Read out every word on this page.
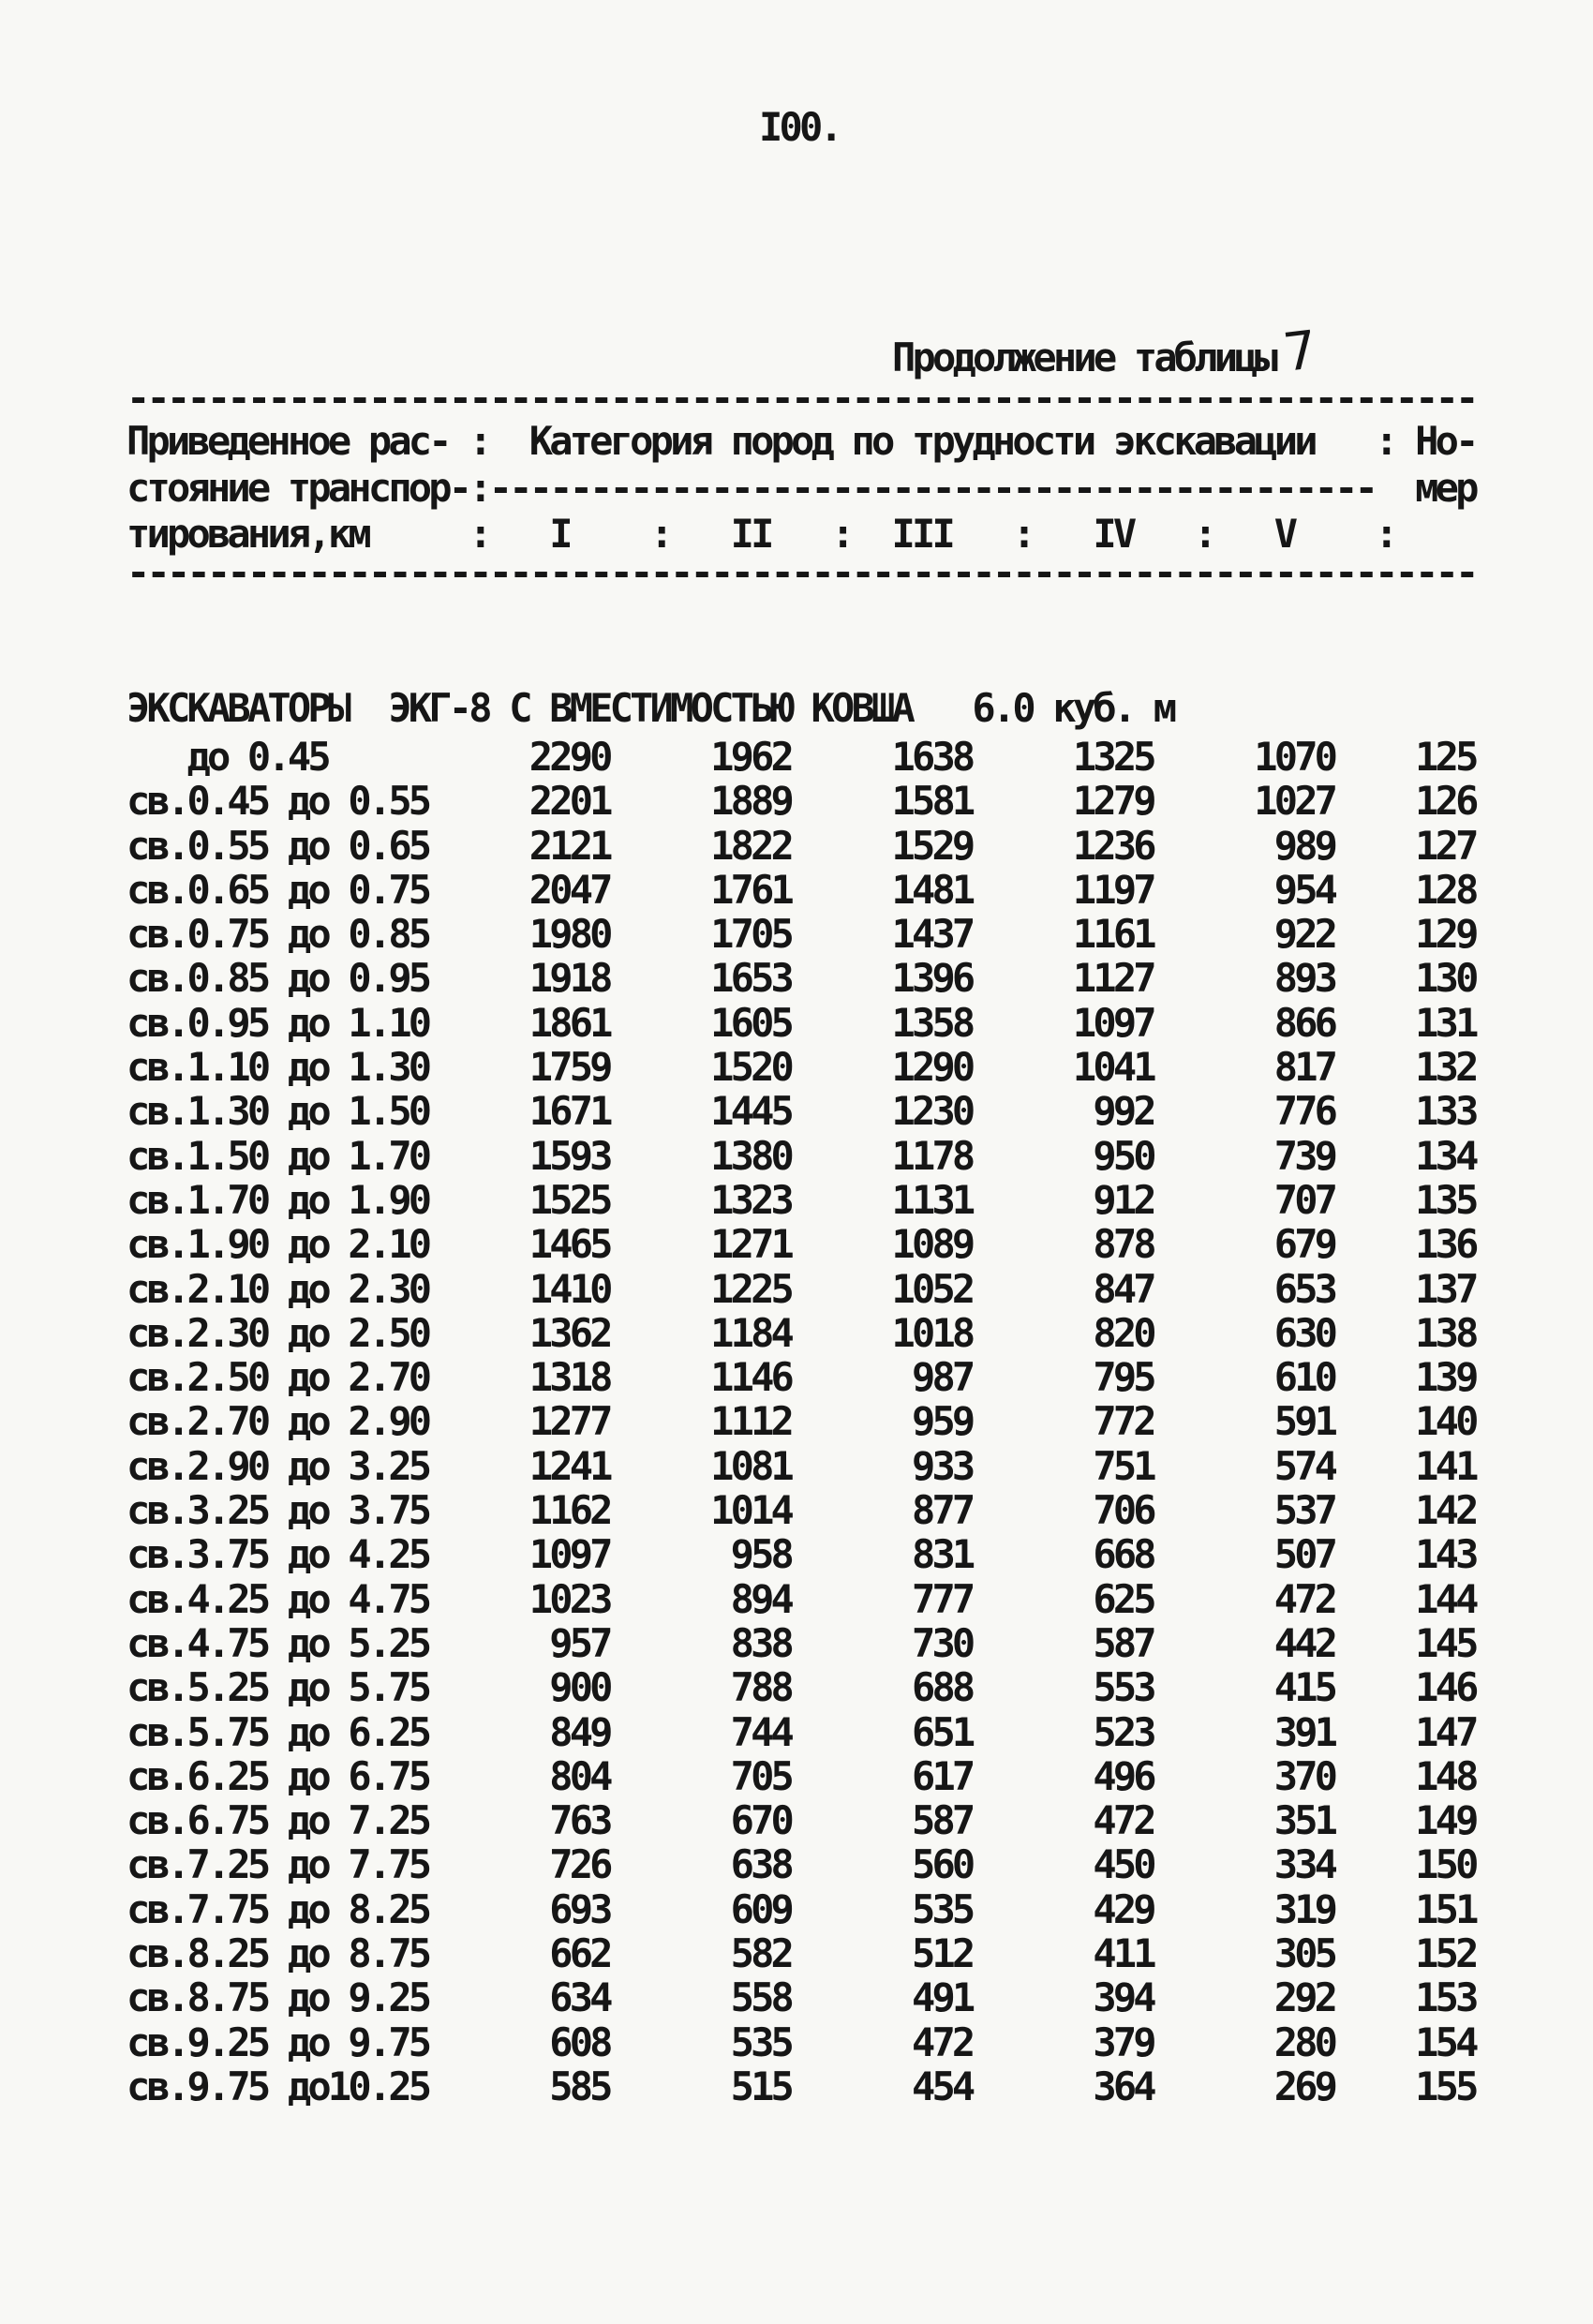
I00.
Продолжение таблицы 7
-------------------------------------------------------------------
Приведенное рас- :  Категория пород по трудности экскавации   : Но-
стояние транспор-:--------------------------------------------  мер
тирования,км     :   I    :   II   :  III   :   IV   :   V    :
-------------------------------------------------------------------
ЭКСКАВАТОРЫ  ЭКГ-8 С ВМЕСТИМОСТЬЮ КОВША   6.0 куб. м
до 0.45          2290     1962     1638     1325     1070    125
св.0.45 до 0.55     2201     1889     1581     1279     1027    126
св.0.55 до 0.65     2121     1822     1529     1236      989    127
св.0.65 до 0.75     2047     1761     1481     1197      954    128
св.0.75 до 0.85     1980     1705     1437     1161      922    129
св.0.85 до 0.95     1918     1653     1396     1127      893    130
св.0.95 до 1.10     1861     1605     1358     1097      866    131
св.1.10 до 1.30     1759     1520     1290     1041      817    132
св.1.30 до 1.50     1671     1445     1230      992      776    133
св.1.50 до 1.70     1593     1380     1178      950      739    134
св.1.70 до 1.90     1525     1323     1131      912      707    135
св.1.90 до 2.10     1465     1271     1089      878      679    136
св.2.10 до 2.30     1410     1225     1052      847      653    137
св.2.30 до 2.50     1362     1184     1018      820      630    138
св.2.50 до 2.70     1318     1146      987      795      610    139
св.2.70 до 2.90     1277     1112      959      772      591    140
св.2.90 до 3.25     1241     1081      933      751      574    141
св.3.25 до 3.75     1162     1014      877      706      537    142
св.3.75 до 4.25     1097      958      831      668      507    143
св.4.25 до 4.75     1023      894      777      625      472    144
св.4.75 до 5.25      957      838      730      587      442    145
св.5.25 до 5.75      900      788      688      553      415    146
св.5.75 до 6.25      849      744      651      523      391    147
св.6.25 до 6.75      804      705      617      496      370    148
св.6.75 до 7.25      763      670      587      472      351    149
св.7.25 до 7.75      726      638      560      450      334    150
св.7.75 до 8.25      693      609      535      429      319    151
св.8.25 до 8.75      662      582      512      411      305    152
св.8.75 до 9.25      634      558      491      394      292    153
св.9.25 до 9.75      608      535      472      379      280    154
св.9.75 до10.25      585      515      454      364      269    155
